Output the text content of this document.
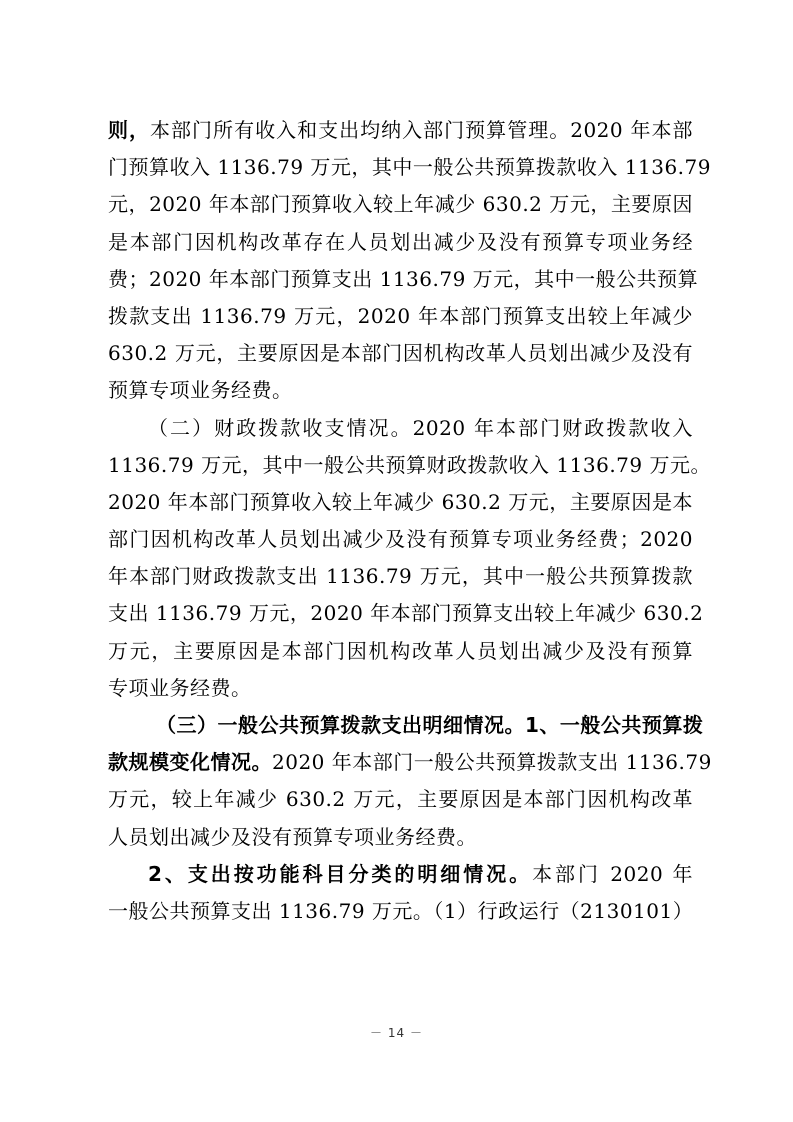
则，本部门所有收入和支出均纳入部门预算管理。2020 年本部
门预算收入 1136.79 万元，其中一般公共预算拨款收入 1136.79
元，2020 年本部门预算收入较上年减少 630.2 万元，主要原因
是本部门因机构改革存在人员划出减少及没有预算专项业务经
费；2020 年本部门预算支出 1136.79 万元，其中一般公共预算
拨款支出 1136.79 万元，2020 年本部门预算支出较上年减少
630.2 万元，主要原因是本部门因机构改革人员划出减少及没有
预算专项业务经费。
（二）财政拨款收支情况。2020 年本部门财政拨款收入
1136.79 万元，其中一般公共预算财政拨款收入 1136.79 万元。
2020 年本部门预算收入较上年减少 630.2 万元，主要原因是本
部门因机构改革人员划出减少及没有预算专项业务经费；2020
年本部门财政拨款支出 1136.79 万元，其中一般公共预算拨款
支出 1136.79 万元，2020 年本部门预算支出较上年减少 630.2
万元，主要原因是本部门因机构改革人员划出减少及没有预算
专项业务经费。
（三）一般公共预算拨款支出明细情况。1、一般公共预算拨
款规模变化情况。2020 年本部门一般公共预算拨款支出 1136.79
万元，较上年减少 630.2 万元，主要原因是本部门因机构改革
人员划出减少及没有预算专项业务经费。
2、支出按功能科目分类的明细情况。本部门 2020 年
一般公共预算支出 1136.79 万元。（1）行政运行（2130101）
－ 14 －
